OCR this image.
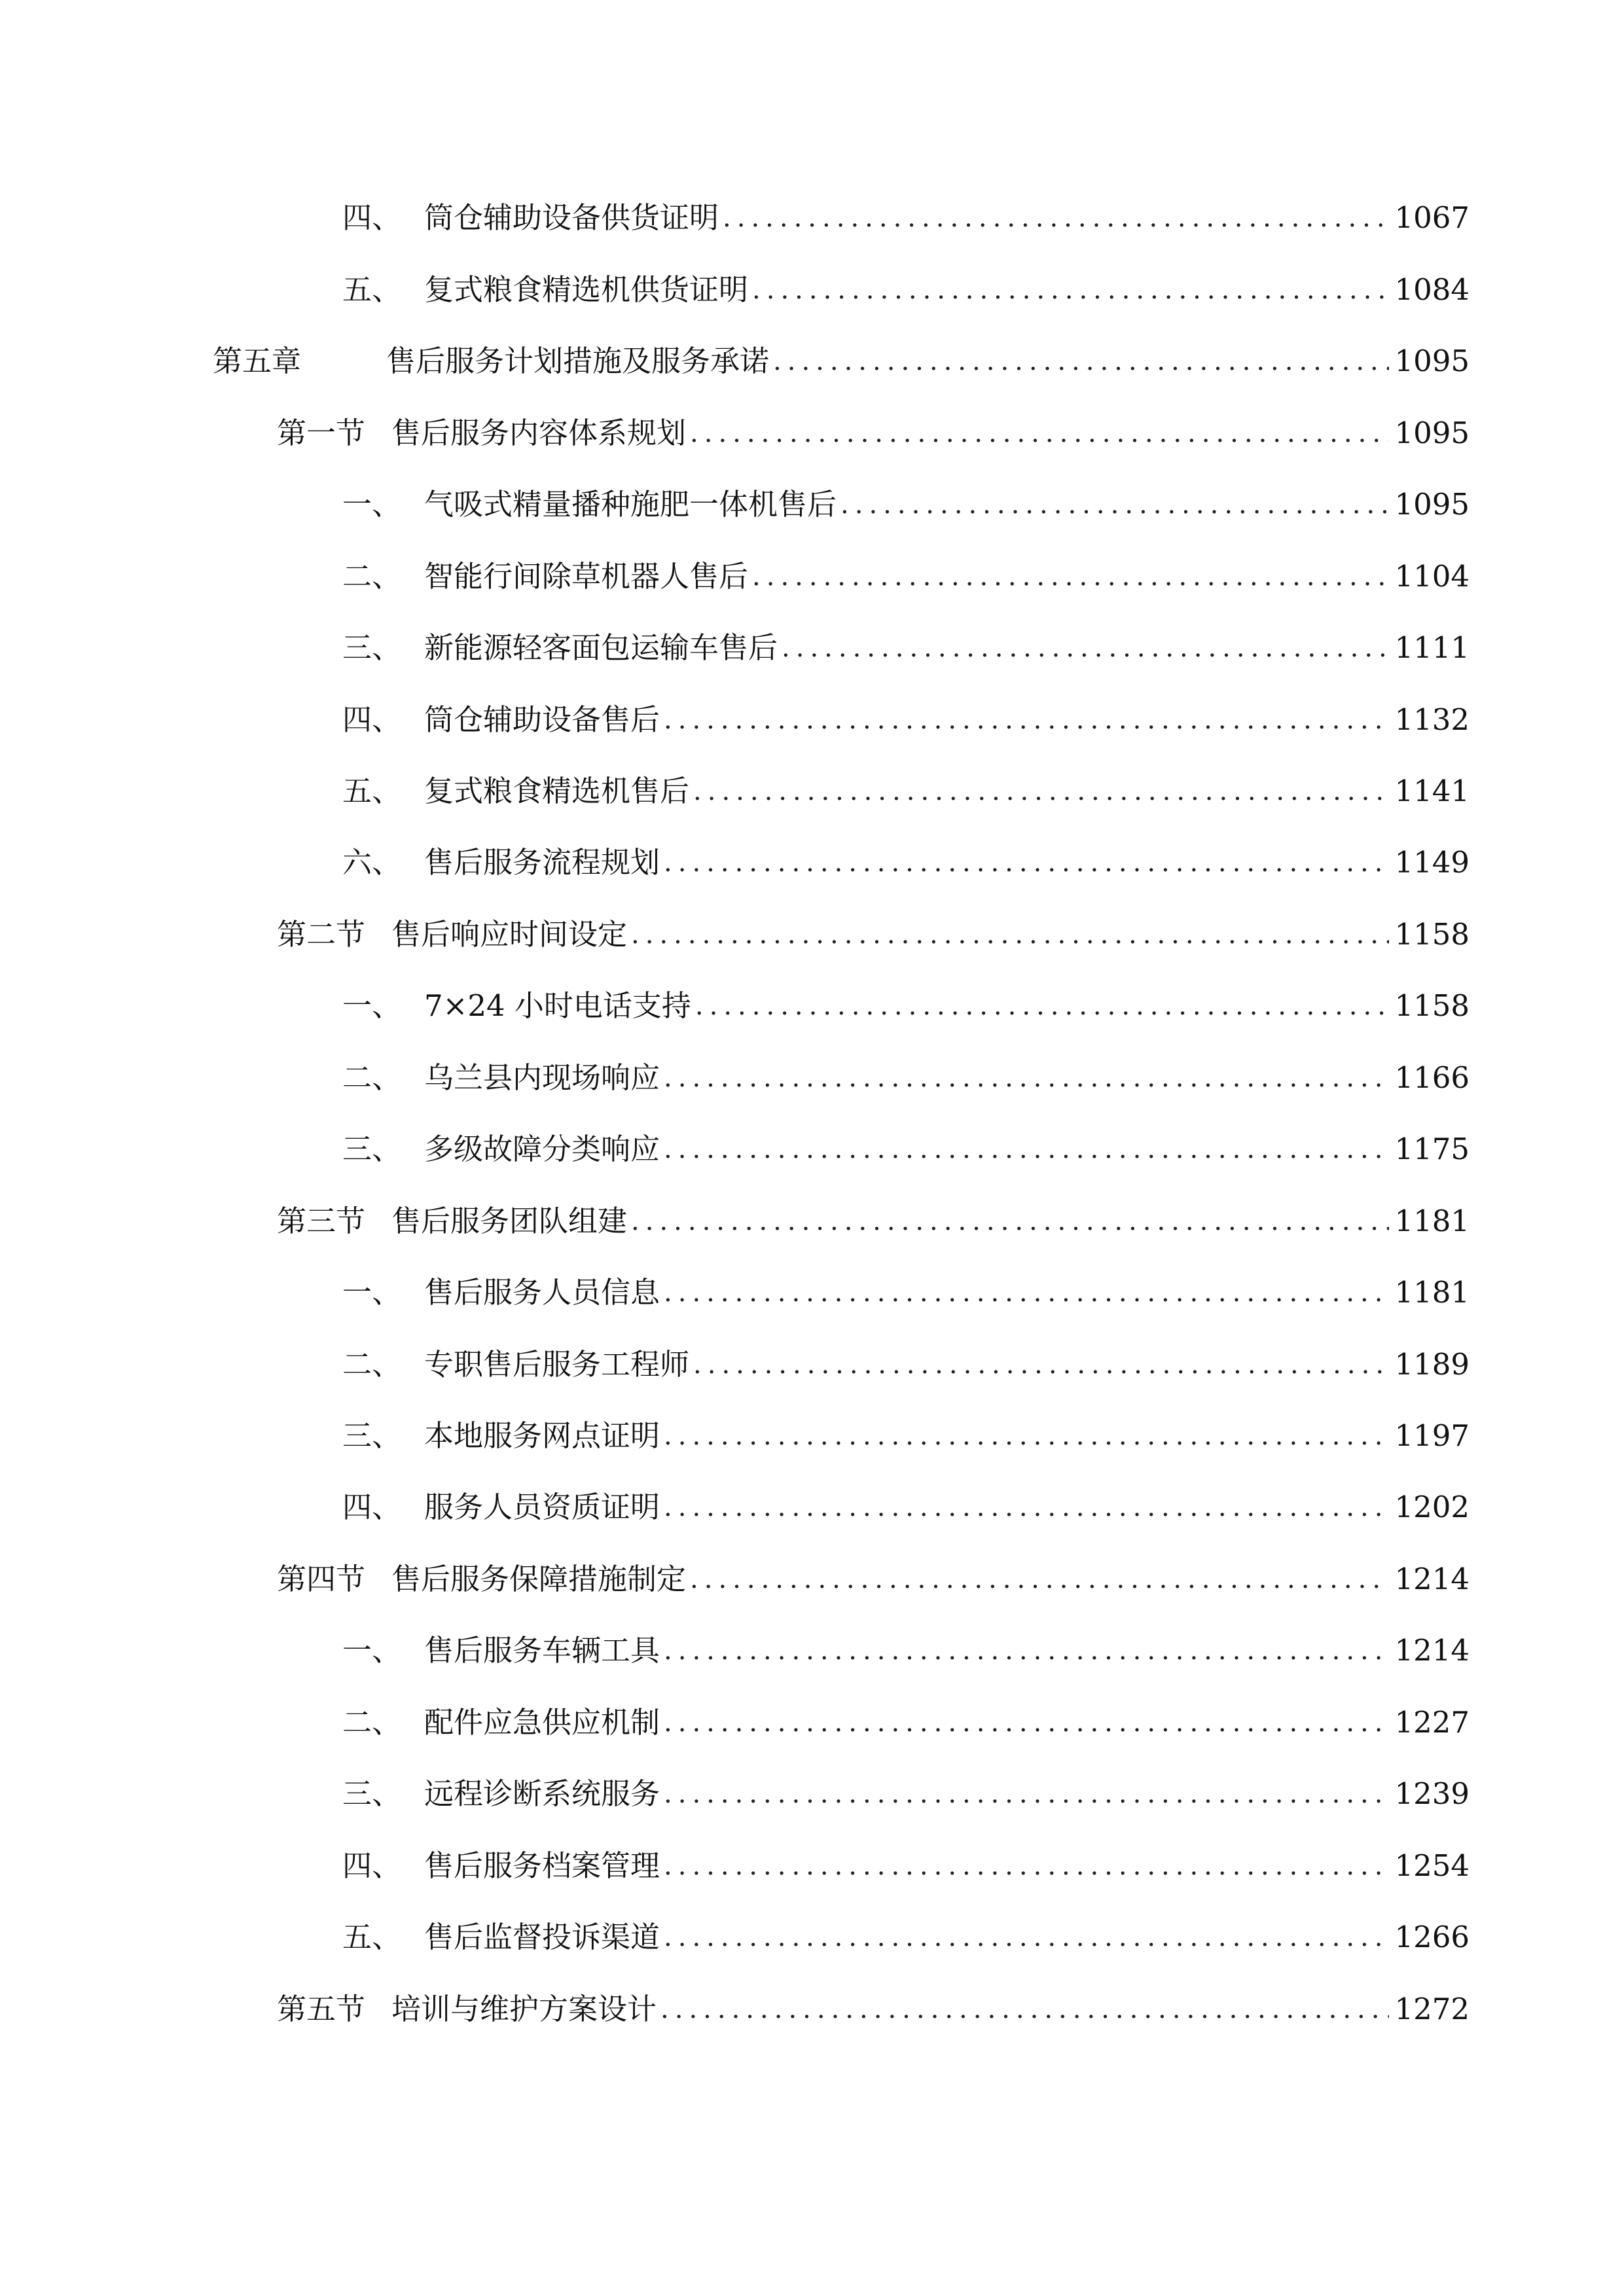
四、 筒仓辅助设备供货证明 .....	1067
五、 复式粮食精选机供货证明 .....	1084
第五章	售后服务计划措施及服务承诺 .....	1095
第一节 售后服务内容体系规划 .....	1095
一、 气吸式精量播种施肥一体机售后 .....	1095
二、 智能行间除草机器人售后 .....	1104
三、 新能源轻客面包运输车售后 .....	1111
四、 筒仓辅助设备售后 .....	1132
五、 复式粮食精选机售后 .....	1141
六、 售后服务流程规划 .....	1149
第二节 售后响应时间设定 .....	1158
一、 7×24 小时电话支持 .....	1158
二、 乌兰县内现场响应 .....	1166
三、 多级故障分类响应 .....	1175
第三节 售后服务团队组建 .....	1181
一、 售后服务人员信息 .....	1181
二、 专职售后服务工程师 .....	1189
三、 本地服务网点证明 .....	1197
四、 服务人员资质证明 .....	1202
第四节 售后服务保障措施制定 .....	1214
一、 售后服务车辆工具 .....	1214
二、 配件应急供应机制 .....	1227
三、 远程诊断系统服务 .....	1239
四、 售后服务档案管理 .....	1254
五、 售后监督投诉渠道 .....	1266
第五节 培训与维护方案设计 .....	1272
